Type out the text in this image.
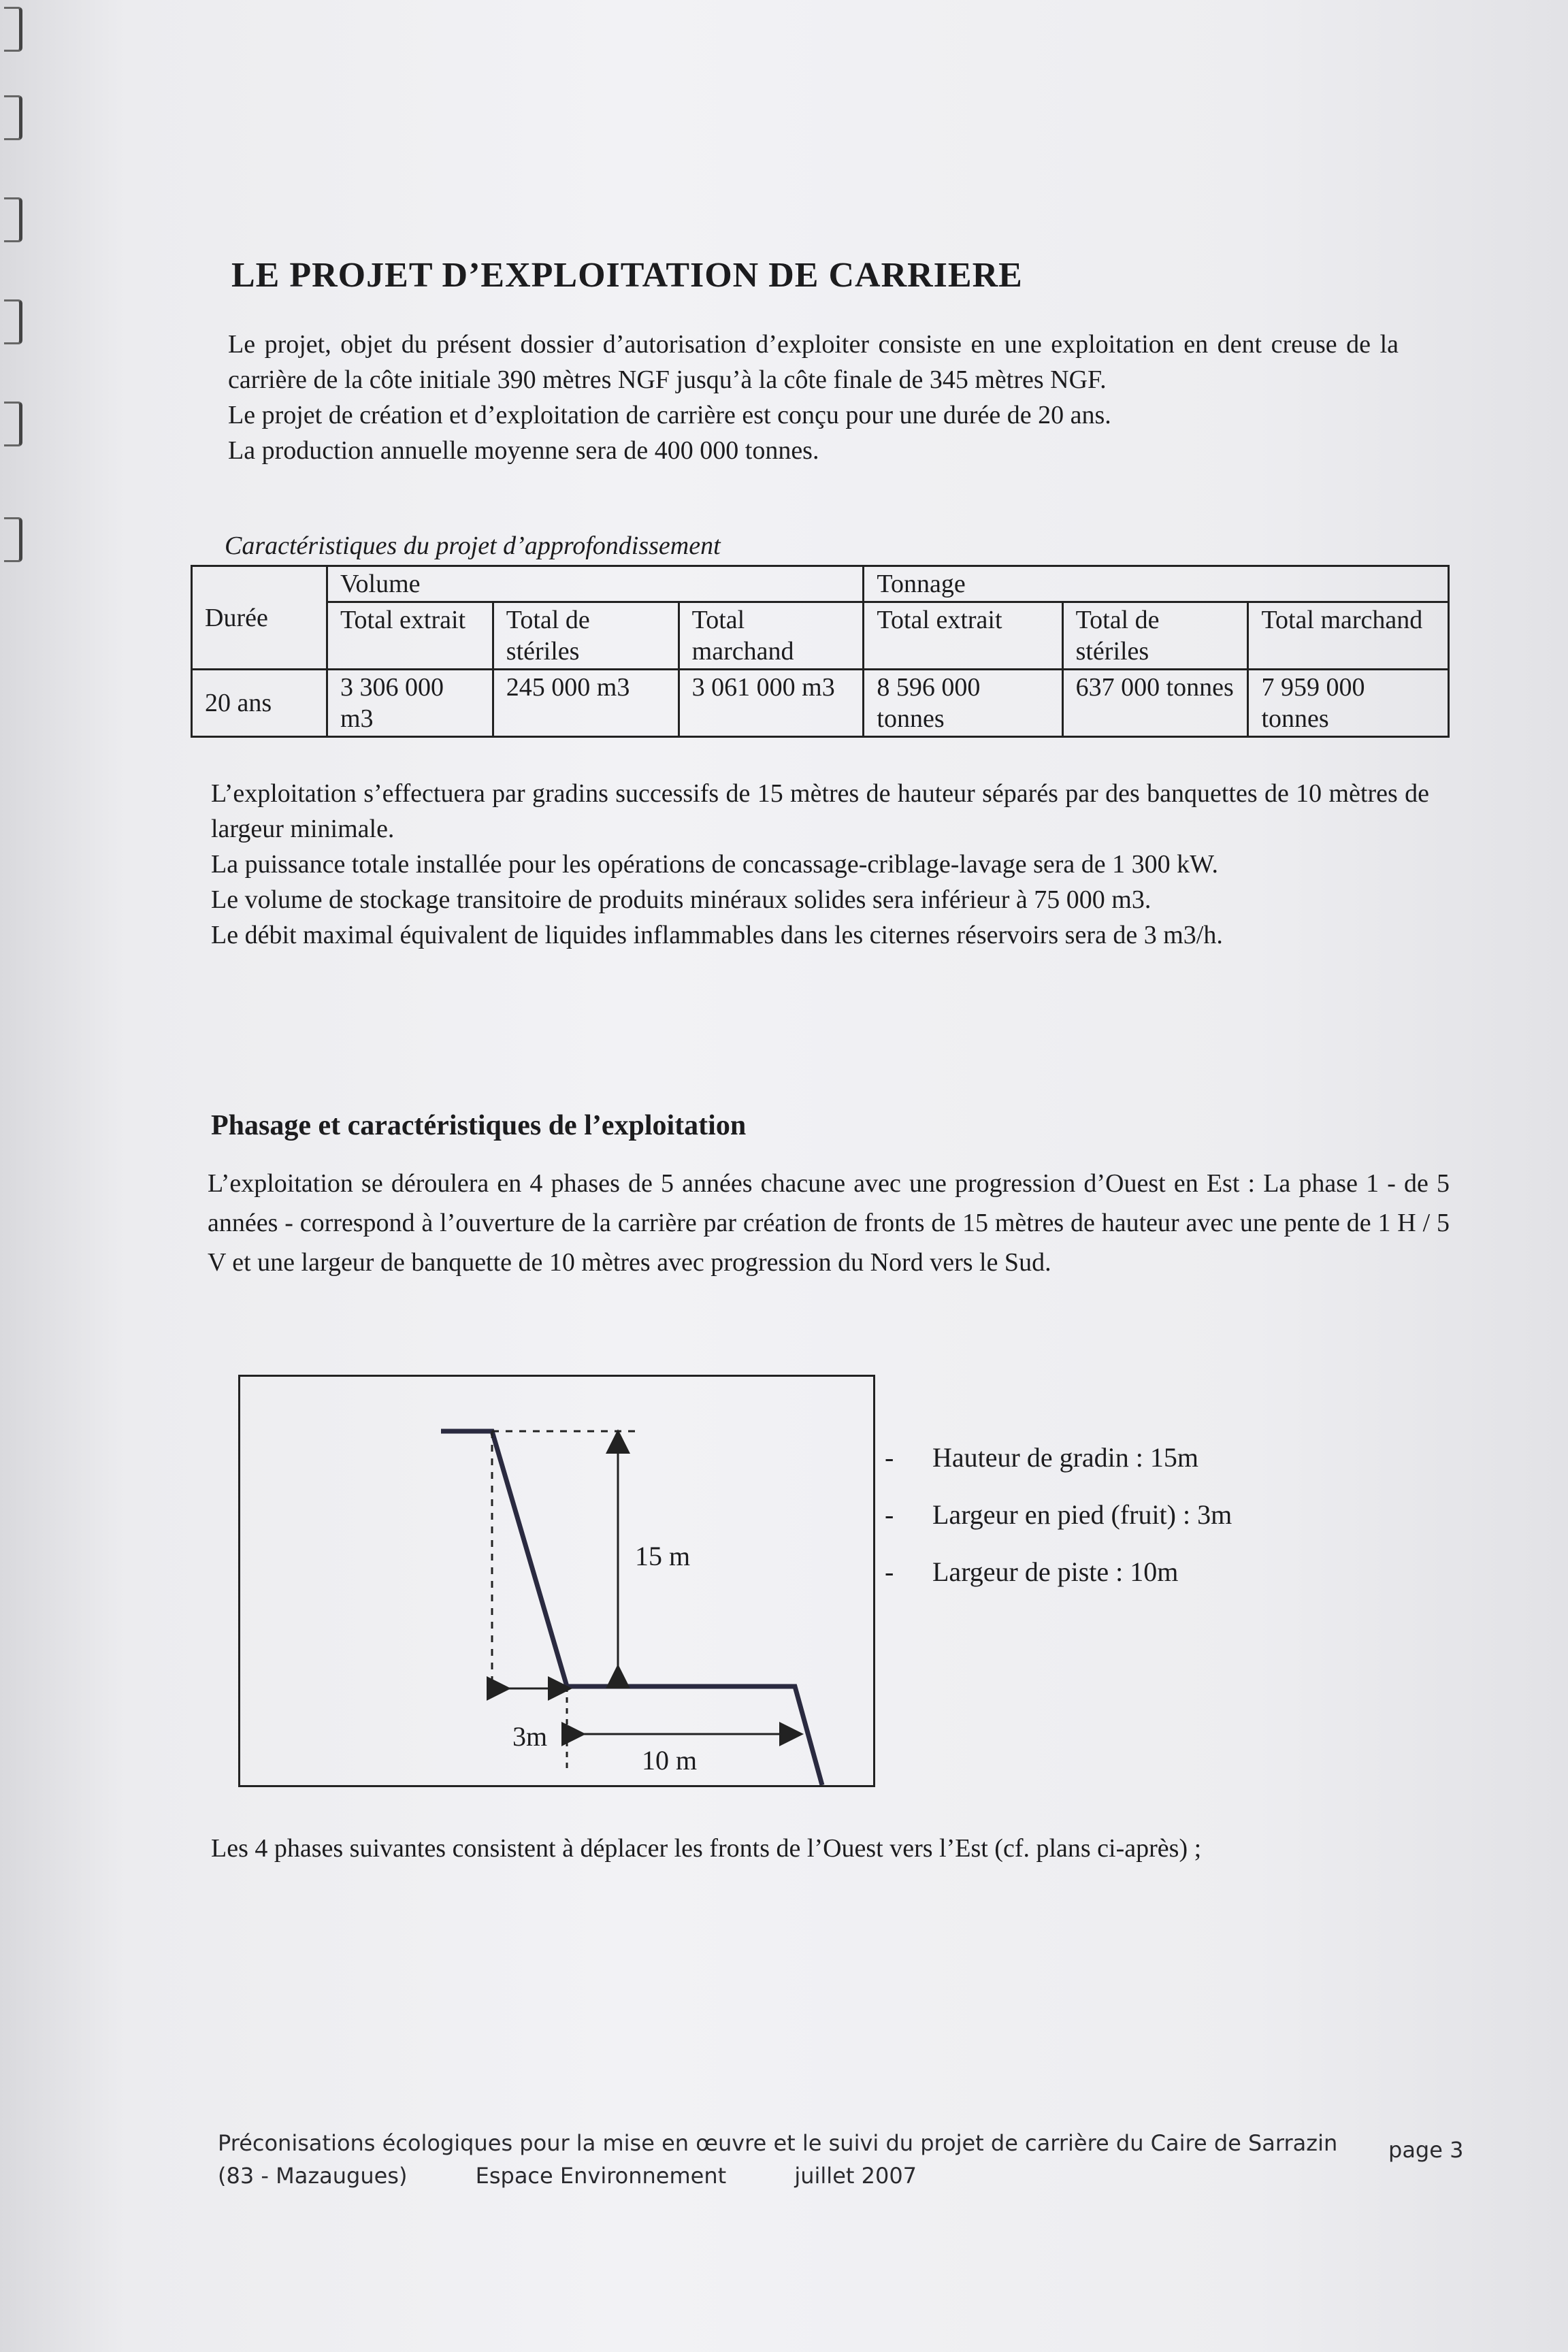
LE PROJET D’EXPLOITATION DE CARRIERE

Le projet, objet du présent dossier d’autorisation d’exploiter consiste en une exploitation en dent creuse de la carrière de la côte initiale 390 mètres NGF jusqu’à la côte finale de 345 mètres NGF.

Le projet de création et d’exploitation de carrière est conçu pour une durée de 20 ans.

La production annuelle moyenne sera de 400 000 tonnes.

Caractéristiques du projet d’approfondissement
Durée	Volume			Tonnage		
	Total extrait	Total de stériles	Total marchand	Total extrait	Total de stériles	Total marchand
20 ans	3 306 000 m3	245 000 m3	3 061 000 m3	8 596 000 tonnes	637 000 tonnes	7 959 000 tonnes

L’exploitation s’effectuera par gradins successifs de 15 mètres de hauteur séparés par des banquettes de 10 mètres de largeur minimale.

La puissance totale installée pour les opérations de concassage-criblage-lavage sera de 1 300 kW.

Le volume de stockage transitoire de produits minéraux solides sera inférieur à 75 000 m3.

Le débit maximal équivalent de liquides inflammables dans les citernes réservoirs sera de 3 m3/h.

Phasage et caractéristiques de l’exploitation

L’exploitation se déroulera en 4 phases de 5 années chacune avec une progression d’Ouest en Est : La phase 1 - de 5 années - correspond à l’ouverture de la carrière par création de fronts de 15 mètres de hauteur avec une pente de 1 H / 5 V et une largeur de banquette de 10 mètres avec progression du Nord vers le Sud.

15 m
3m
10 m
-	Hauteur de gradin : 15m
-	Largeur en pied (fruit) : 3m
-	Largeur de piste : 10m

Les 4 phases suivantes consistent à déplacer les fronts de l’Ouest vers l’Est (cf. plans ci-après) ;

Préconisations écologiques pour la mise en œuvre et le suivi du projet de carrière du Caire de Sarrazin
(83 - Mazaugues)	Espace Environnement	juillet 2007
page 3
